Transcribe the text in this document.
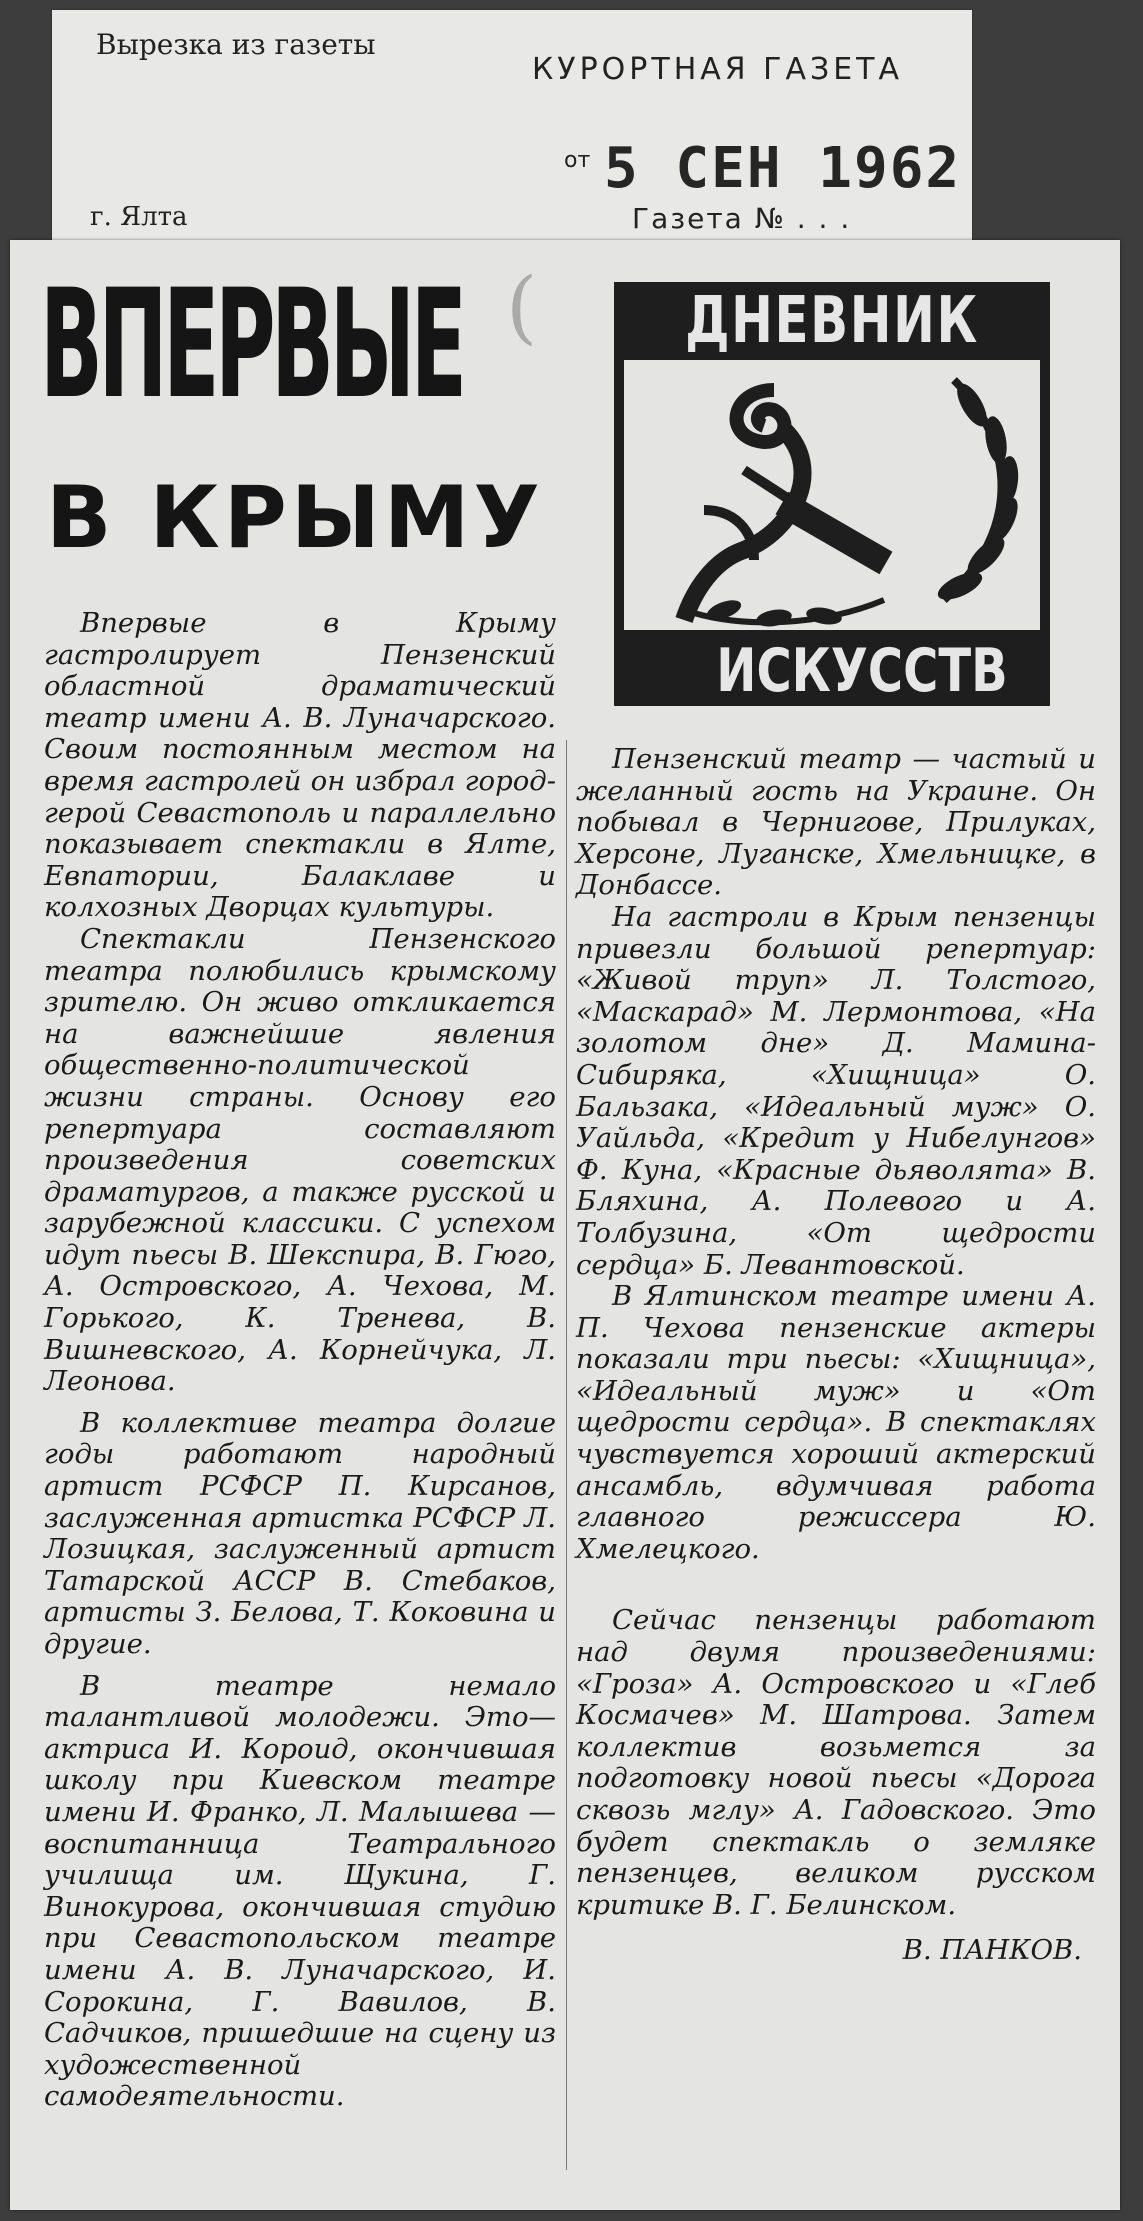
Вырезка из газеты
КУРОРТНАЯ ГАЗЕТА
от 5 СЕН 1962
г. Ялта	Газета № . . .
ВПЕРВЫЕ
В КРЫМУ
(	ДНЕВНИК
ИСКУССТВ

Впервые в Крыму гастролирует Пензенский областной драматический театр имени А. В. Луначарского. Своим постоянным местом на время гастролей он избрал город-герой Севастополь и параллельно показывает спектакли в Ялте, Евпатории, Балаклаве и колхозных Дворцах культуры.

Спектакли Пензенского театра полюбились крымскому зрителю. Он живо откликается на важнейшие явления общественно-политической жизни страны. Основу его репертуара составляют произведения советских драматургов, а также русской и зарубежной классики. С успехом идут пьесы В. Шекспира, В. Гюго, А. Островского, А. Чехова, М. Горького, К. Тренева, В. Вишневского, А. Корнейчука, Л. Леонова.

В коллективе театра долгие годы работают народный артист РСФСР П. Кирсанов, заслуженная артистка РСФСР Л. Лозицкая, заслуженный артист Татарской АССР В. Стебаков, артисты З. Белова, Т. Коковина и другие.

В театре немало талантливой молодежи. Это—актриса И. Короид, окончившая школу при Киевском театре имени И. Франко, Л. Малышева — воспитанница Театрального училища им. Щукина, Г. Винокурова, окончившая студию при Севастопольском театре имени А. В. Луначарского, И. Сорокина, Г. Вавилов, В. Садчиков, пришедшие на сцену из художественной самодеятельности.

Пензенский театр — частый и желанный гость на Украине. Он побывал в Чернигове, Прилуках, Херсоне, Луганске, Хмельницке, в Донбассе.

На гастроли в Крым пензенцы привезли большой репертуар: «Живой труп» Л. Толстого, «Маскарад» М. Лермонтова, «На золотом дне» Д. Мамина-Сибиряка, «Хищница» О. Бальзака, «Идеальный муж» О. Уайльда, «Кредит у Нибелунгов» Ф. Куна, «Красные дьяволята» В. Бляхина, А. Полевого и А. Толбузина, «От щедрости сердца» Б. Левантовской.

В Ялтинском театре имени А. П. Чехова пензенские актеры показали три пьесы: «Хищница», «Идеальный муж» и «От щедрости сердца». В спектаклях чувствуется хороший актерский ансамбль, вдумчивая работа главного режиссера Ю. Хмелецкого.

Сейчас пензенцы работают над двумя произведениями: «Гроза» А. Островского и «Глеб Космачев» М. Шатрова. Затем коллектив возьмется за подготовку новой пьесы «Дорога сквозь мглу» А. Гадовского. Это будет спектакль о земляке пензенцев, великом русском критике В. Г. Белинском.

В. ПАНКОВ.
